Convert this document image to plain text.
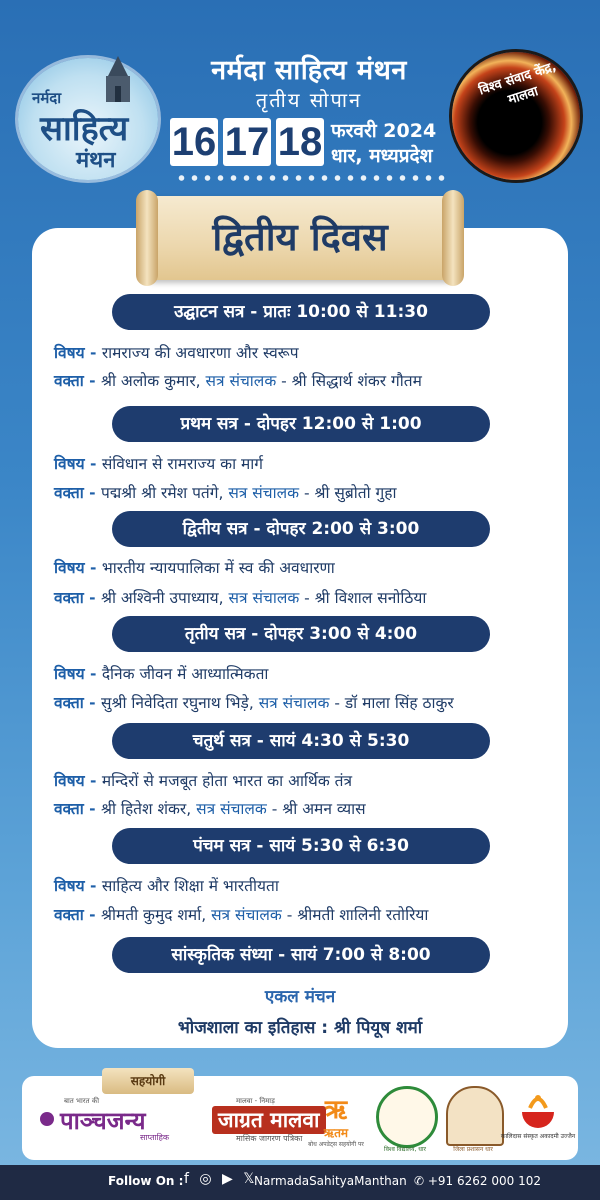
नर्मदा
साहित्य
मंथन
विश्व संवाद केंद्र, मालवा
नर्मदा साहित्य मंथन
तृतीय सोपान
16 17 18 फरवरी 2024
धार, मध्यप्रदेश
द्वितीय दिवस
उद्घाटन सत्र - प्रातः 10:00 से 11:30
विषय - रामराज्य की अवधारणा और स्वरूप
वक्ता - श्री अलोक कुमार, सत्र संचालक - श्री सिद्धार्थ शंकर गौतम
प्रथम सत्र - दोपहर 12:00 से 1:00
विषय - संविधान से रामराज्य का मार्ग
वक्ता - पद्मश्री श्री रमेश पतंगे, सत्र संचालक - श्री सुब्रोतो गुहा
द्वितीय सत्र - दोपहर 2:00 से 3:00
विषय - भारतीय न्यायपालिका में स्व की अवधारणा
वक्ता - श्री अश्विनी उपाध्याय, सत्र संचालक - श्री विशाल सनोठिया
तृतीय सत्र - दोपहर 3:00 से 4:00
विषय - दैनिक जीवन में आध्यात्मिकता
वक्ता - सुश्री निवेदिता रघुनाथ भिड़े, सत्र संचालक - डॉ माला सिंह ठाकुर
चतुर्थ सत्र - सायं 4:30 से 5:30
विषय - मन्दिरों से मजबूत होता भारत का आर्थिक तंत्र
वक्ता - श्री हितेश शंकर, सत्र संचालक - श्री अमन व्यास
पंचम सत्र - सायं 5:30 से 6:30
विषय - साहित्य और शिक्षा में भारतीयता
वक्ता - श्रीमती कुमुद शर्मा, सत्र संचालक - श्रीमती शालिनी रतोरिया
सांस्कृतिक संध्या - सायं 7:00 से 8:00
एकल मंचन
भोजशाला का इतिहास : श्री पियूष शर्मा
सहयोगी
बात भारत की
पाञ्चजन्य
साप्ताहिक
मालवा - निमाड़
जाग्रत मालवा
मासिक जागरण पत्रिका
ऋ
ऋतम
बोध अपडेट्स सहयोगी पर
विश्व विद्यालय, धार	जिला प्रशासन धार
कालिदास संस्कृत अकादमी उज्जैन
Follow On : f ◎ ▶ 𝕏
NarmadaSahityaManthan ✆ +91 6262 000 102
